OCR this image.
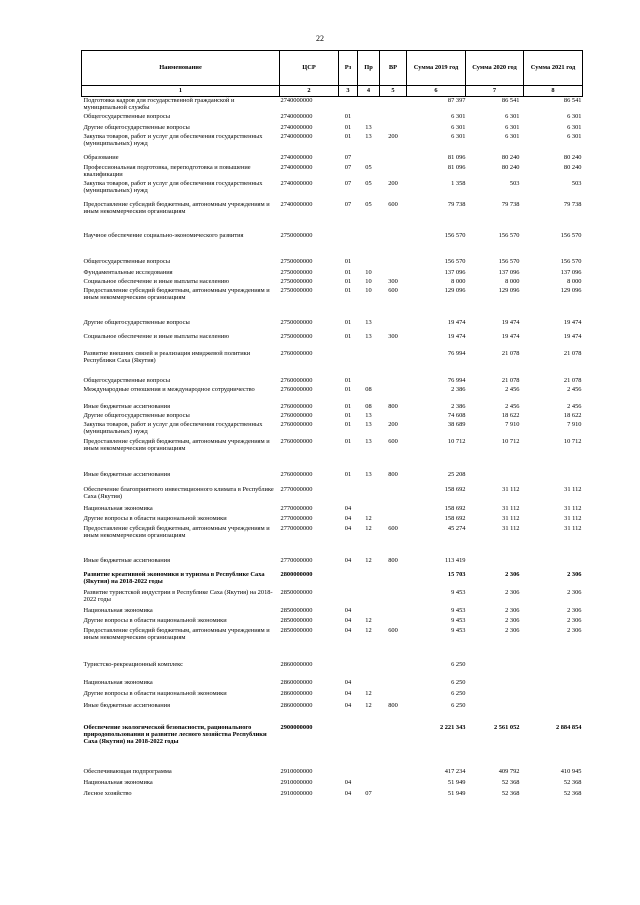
22
Наименование	ЦСР	Рз	Пр	ВР	Сумма 2019 год	Сумма 2020 год	Сумма 2021 год
1	2	3	4	5	6	7	8
Подготовка кадров для государственной гражданской и муниципальной службы	2740000000				87 397	86 541	86 541
Общегосударственные вопросы	2740000000	01			6 301	6 301	6 301
Другие общегосударственные вопросы	2740000000	01	13		6 301	6 301	6 301
Закупка товаров, работ и услуг для обеспечения государственных (муниципальных) нужд	2740000000	01	13	200	6 301	6 301	6 301
Образование	2740000000	07			81 096	80 240	80 240
Профессиональная подготовка, переподготовка и повышение квалификации	2740000000	07	05		81 096	80 240	80 240
Закупка товаров, работ и услуг для обеспечения государственных (муниципальных) нужд	2740000000	07	05	200	1 358	503	503
Предоставление субсидий бюджетным, автономным учреждениям и иным некоммерческим организациям	2740000000	07	05	600	79 738	79 738	79 738
Научное обеспечение социально-экономического развития	2750000000				156 570	156 570	156 570
Общегосударственные вопросы	2750000000	01			156 570	156 570	156 570
Фундаментальные исследования	2750000000	01	10		137 096	137 096	137 096
Социальное обеспечение и иные выплаты населению	2750000000	01	10	300	8 000	8 000	8 000
Предоставление субсидий бюджетным, автономным учреждениям и иным некоммерческим организациям	2750000000	01	10	600	129 096	129 096	129 096
Другие общегосударственные вопросы	2750000000	01	13		19 474	19 474	19 474
Социальное обеспечение и иные выплаты населению	2750000000	01	13	300	19 474	19 474	19 474
Развитие внешних связей и реализация имиджевой политики Республики Саха (Якутия)	2760000000				76 994	21 078	21 078
Общегосударственные вопросы	2760000000	01			76 994	21 078	21 078
Международные отношения и международное сотрудничество	2760000000	01	08		2 386	2 456	2 456
Иные бюджетные ассигнования	2760000000	01	08	800	2 386	2 456	2 456
Другие общегосударственные вопросы	2760000000	01	13		74 608	18 622	18 622
Закупка товаров, работ и услуг для обеспечения государственных (муниципальных) нужд	2760000000	01	13	200	38 689	7 910	7 910
Предоставление субсидий бюджетным, автономным учреждениям и иным некоммерческим организациям	2760000000	01	13	600	10 712	10 712	10 712
Иные бюджетные ассигнования	2760000000	01	13	800	25 208		
Обеспечение благоприятного инвестиционного климата в Республике Саха (Якутия)	2770000000				158 692	31 112	31 112
Национальная экономика	2770000000	04			158 692	31 112	31 112
Другие вопросы в области национальной экономики	2770000000	04	12		158 692	31 112	31 112
Предоставление субсидий бюджетным, автономным учреждениям и иным некоммерческим организациям	2770000000	04	12	600	45 274	31 112	31 112
Иные бюджетные ассигнования	2770000000	04	12	800	113 419		
Развитие креативной экономики и туризма в Республике Саха (Якутия) на 2018-2022 годы	2800000000				15 703	2 306	2 306
Развитие туристской индустрии в Республике Саха (Якутия) на 2018-2022 годы	2850000000				9 453	2 306	2 306
Национальная экономика	2850000000	04			9 453	2 306	2 306
Другие вопросы в области национальной экономики	2850000000	04	12		9 453	2 306	2 306
Предоставление субсидий бюджетным, автономным учреждениям и иным некоммерческим организациям	2850000000	04	12	600	9 453	2 306	2 306
Туристско-рекреационный комплекс	2860000000				6 250		
Национальная экономика	2860000000	04			6 250		
Другие вопросы в области национальной экономики	2860000000	04	12		6 250		
Иные бюджетные ассигнования	2860000000	04	12	800	6 250		
Обеспечение экологической безопасности, рационального природопользования и развитие лесного хозяйства Республики Саха (Якутия) на 2018-2022 годы	2900000000				2 221 343	2 561 052	2 884 854
Обеспечивающая подпрограмма	2910000000				417 234	409 792	410 945
Национальная экономика	2910000000	04			51 949	52 368	52 368
Лесное хозяйство	2910000000	04	07		51 949	52 368	52 368
